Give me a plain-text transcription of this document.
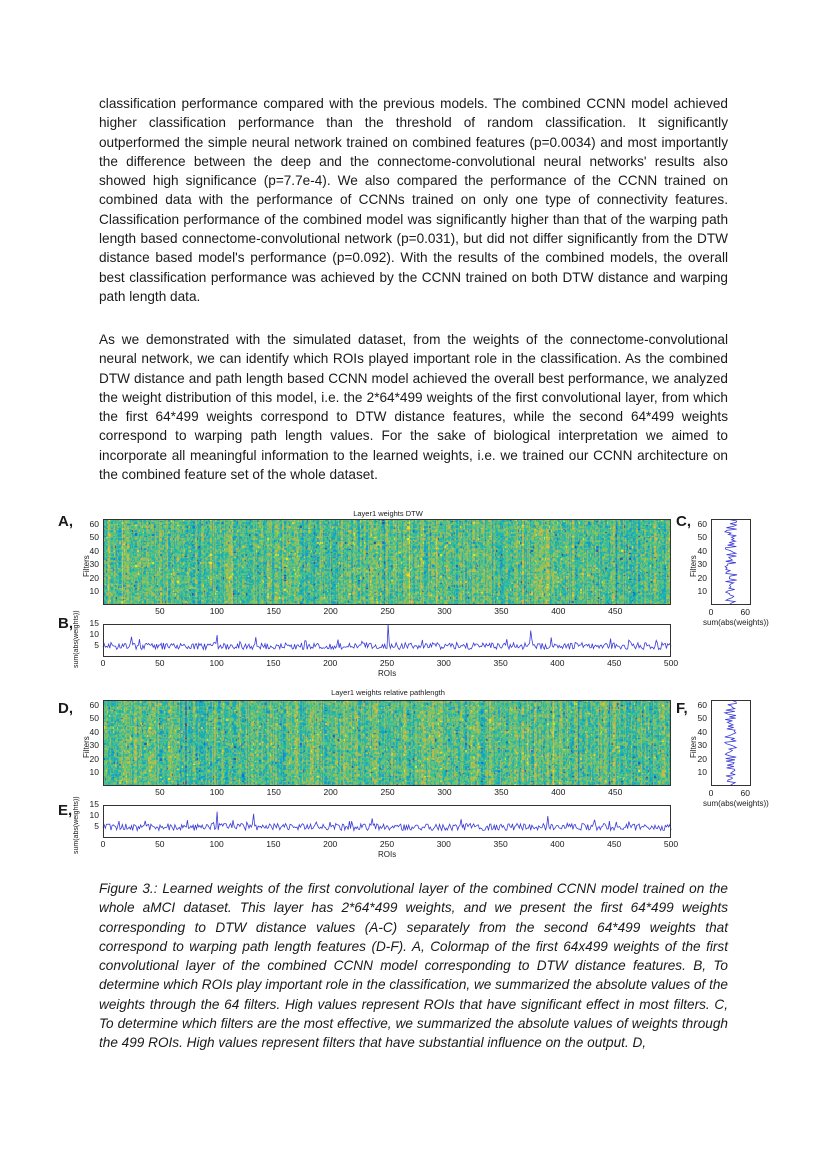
classification performance compared with the previous models. The combined CCNN model achieved higher classification performance than the threshold of random classification. It significantly outperformed the simple neural network trained on combined features (p=0.0034) and most importantly the difference between the deep and the connectome-convolutional neural networks' results also showed high significance (p=7.7e-4). We also compared the performance of the CCNN trained on combined data with the performance of CCNNs trained on only one type of connectivity features. Classification performance of the combined model was significantly higher than that of the warping path length based connectome-convolutional network (p=0.031), but did not differ significantly from the DTW distance based model's performance (p=0.092). With the results of the combined models, the overall best classification performance was achieved by the CCNN trained on both DTW distance and warping path length data.

As we demonstrated with the simulated dataset, from the weights of the connectome-convolutional neural network, we can identify which ROIs played important role in the classification. As the combined DTW distance and path length based CCNN model achieved the overall best performance, we analyzed the weight distribution of this model, i.e. the 2*64*499 weights of the first convolutional layer, from which the first 64*499 weights correspond to DTW distance features, while the second 64*499 weights correspond to warping path length values. For the sake of biological interpretation we aimed to incorporate all meaningful information to the learned weights, i.e. we trained our CCNN architecture on the combined feature set of the whole dataset.

A,
B,
C,
D,
E,
F,
Layer1 weights DTW
Layer1 weights relative pathlength
Filters
60
50
40
30
20
10
50	100	150	200	250	300	350	400	450
sum(abs(weights))	15
10
5
0	50	100	150	200	250	300	350	400	450	500
ROIs
Filters
60
50
40
30
20
10
0	60
sum(abs(weights))
Filters
60
50
40
30
20
10
50	100	150	200	250	300	350	400	450
sum(abs(weights))	15
10
5
0	50	100	150	200	250	300	350	400	450	500
ROIs
Filters
60
50
40
30
20
10
0	60
sum(abs(weights))

Figure 3.: Learned weights of the first convolutional layer of the combined CCNN model trained on the whole aMCI dataset. This layer has 2*64*499 weights, and we present the first 64*499 weights corresponding to DTW distance values (A-C) separately from the second 64*499 weights that correspond to warping path length features (D-F). A, Colormap of the first 64x499 weights of the first convolutional layer of the combined CCNN model corresponding to DTW distance features. B, To determine which ROIs play important role in the classification, we summarized the absolute values of the weights through the 64 filters. High values represent ROIs that have significant effect in most filters. C, To determine which filters are the most effective, we summarized the absolute values of weights through the 499 ROIs. High values represent filters that have substantial influence on the output. D,
